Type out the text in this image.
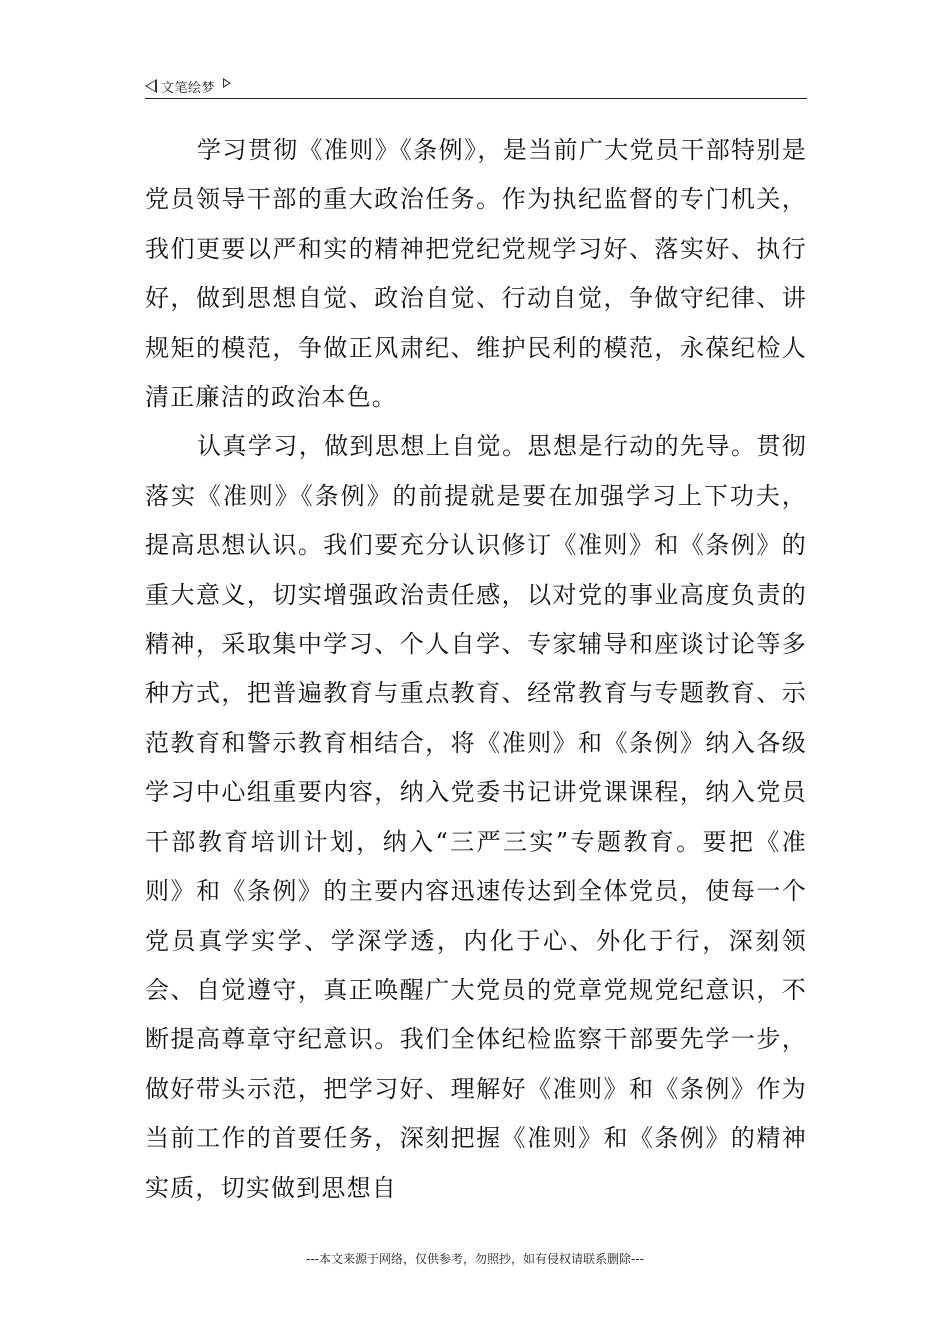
文笔绘梦

学习贯彻《准则》《条例》，是当前广大党员干部特别是党员领导干部的重大政治任务。作为执纪监督的专门机关，我们更要以严和实的精神把党纪党规学习好、落实好、执行好，做到思想自觉、政治自觉、行动自觉，争做守纪律、讲规矩的模范，争做正风肃纪、维护民利的模范，永葆纪检人清正廉洁的政治本色。

认真学习，做到思想上自觉。思想是行动的先导。贯彻落实《准则》《条例》的前提就是要在加强学习上下功夫，提高思想认识。我们要充分认识修订《准则》和《条例》的重大意义，切实增强政治责任感，以对党的事业高度负责的精神，采取集中学习、个人自学、专家辅导和座谈讨论等多种方式，把普遍教育与重点教育、经常教育与专题教育、示范教育和警示教育相结合，将《准则》和《条例》纳入各级学习中心组重要内容，纳入党委书记讲党课课程，纳入党员干部教育培训计划，纳入“三严三实”专题教育。要把《准则》和《条例》的主要内容迅速传达到全体党员，使每一个党员真学实学、学深学透，内化于心、外化于行，深刻领会、自觉遵守，真正唤醒广大党员的党章党规党纪意识，不断提高尊章守纪意识。我们全体纪检监察干部要先学一步，做好带头示范，把学习好、理解好《准则》和《条例》作为当前工作的首要任务，深刻把握《准则》和《条例》的精神实质，切实做到思想自

---本文来源于网络，仅供参考，勿照抄，如有侵权请联系删除---
